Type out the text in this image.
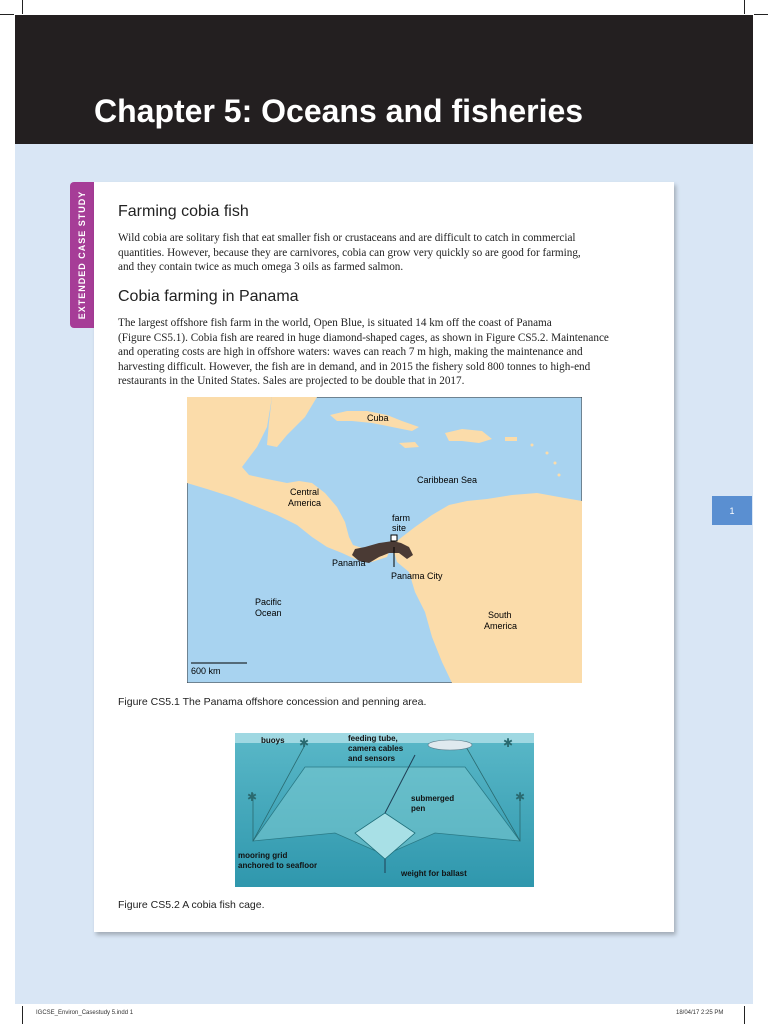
Chapter 5: Oceans and fisheries
EXTENDED CASE STUDY Farming cobia fish
Wild cobia are solitary fish that eat smaller fish or crustaceans and are difficult to catch in commercial
quantities. However, because they are carnivores, cobia can grow very quickly so are good for farming,
and they contain twice as much omega 3 oils as farmed salmon.
Cobia farming in Panama
The largest offshore fish farm in the world, Open Blue, is situated 14 km off the coast of Panama
(Figure CS5.1). Cobia fish are reared in huge diamond-shaped cages, as shown in Figure CS5.2. Maintenance
and operating costs are high in offshore waters: waves can reach 7 m high, making the maintenance and
harvesting difficult. However, the fish are in demand, and in 2015 the fishery sold 800 tonnes to high-end
restaurants in the United States. Sales are projected to be double that in 2017.
Cuba
Caribbean Sea
Central
America
farm
site
Panama
Panama City
Pacific
Ocean	South
America
600 km
Figure CS5.1 The Panama offshore concession and penning area.
✱	✱
✱	✱
buoys	feeding tube,
camera cables
and sensors
submerged
pen
mooring grid
anchored to seafloor
weight for ballast
Figure CS5.2 A cobia fish cage.
1
IGCSE_Environ_Casestudy 5.indd 1	18/04/17 2:25 PM
